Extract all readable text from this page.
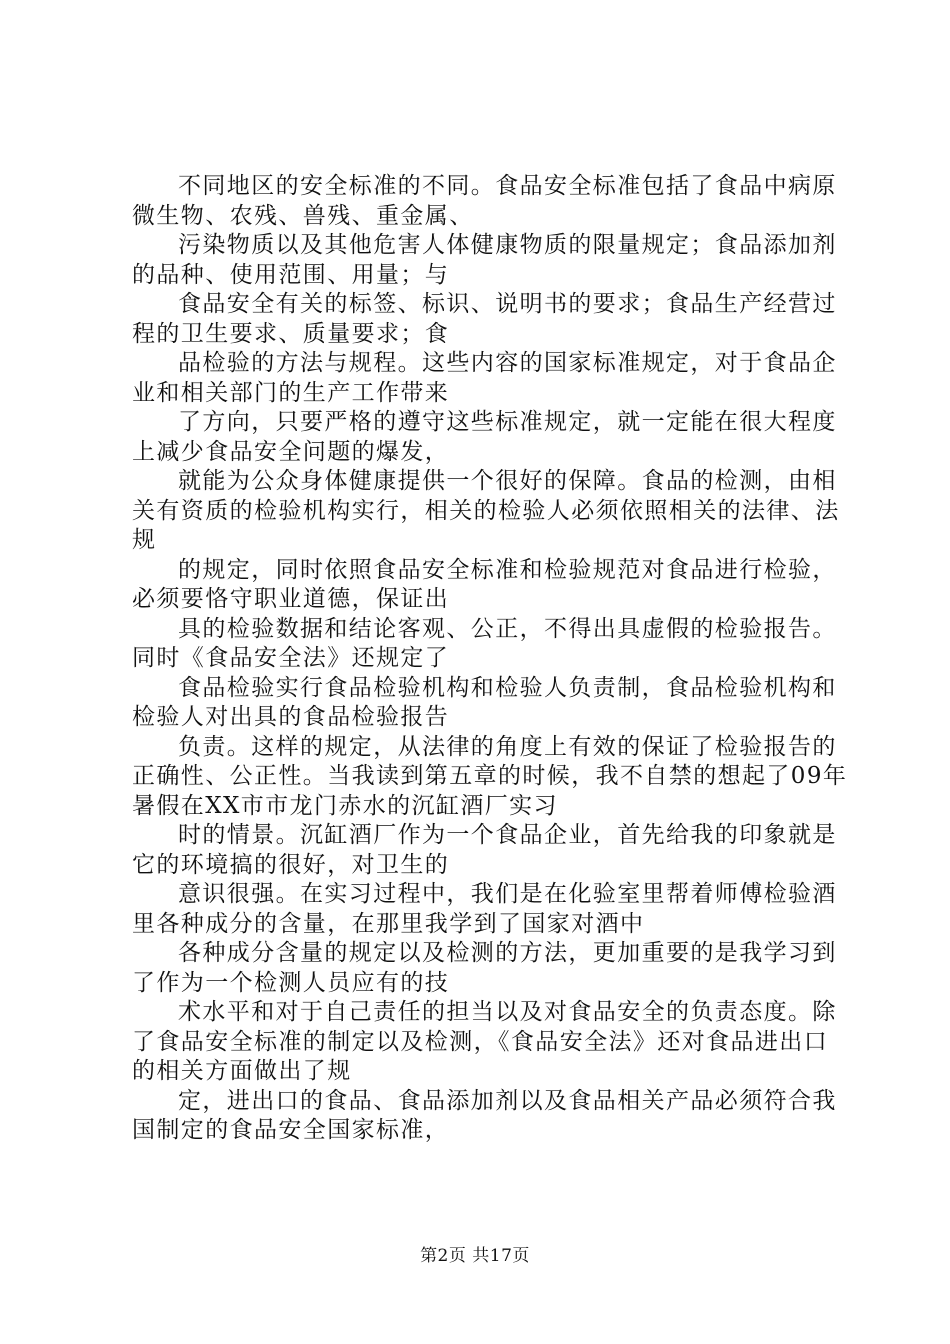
不同地区的安全标准的不同。食品安全标准包括了食品中病原微生物、农残、兽残、重金属、

污染物质以及其他危害人体健康物质的限量规定；食品添加剂的品种、使用范围、用量；与

食品安全有关的标签、标识、说明书的要求；食品生产经营过程的卫生要求、质量要求；食

品检验的方法与规程。这些内容的国家标准规定，对于食品企业和相关部门的生产工作带来

了方向，只要严格的遵守这些标准规定，就一定能在很大程度上减少食品安全问题的爆发，

就能为公众身体健康提供一个很好的保障。食品的检测，由相关有资质的检验机构实行，相关的检验人必须依照相关的法律、法规

的规定，同时依照食品安全标准和检验规范对食品进行检验，必须要恪守职业道德，保证出

具的检验数据和结论客观、公正，不得出具虚假的检验报告。同时《食品安全法》还规定了

食品检验实行食品检验机构和检验人负责制，食品检验机构和检验人对出具的食品检验报告

负责。这样的规定，从法律的角度上有效的保证了检验报告的正确性、公正性。当我读到第五章的时候，我不自禁的想起了09年暑假在XX市市龙门赤水的沉缸酒厂实习

时的情景。沉缸酒厂作为一个食品企业，首先给我的印象就是它的环境搞的很好，对卫生的

意识很强。在实习过程中，我们是在化验室里帮着师傅检验酒里各种成分的含量，在那里我学到了国家对酒中

各种成分含量的规定以及检测的方法，更加重要的是我学习到了作为一个检测人员应有的技

术水平和对于自己责任的担当以及对食品安全的负责态度。除了食品安全标准的制定以及检测，《食品安全法》还对食品进出口的相关方面做出了规

定，进出口的食品、食品添加剂以及食品相关产品必须符合我国制定的食品安全国家标准，

第2页 共17页
